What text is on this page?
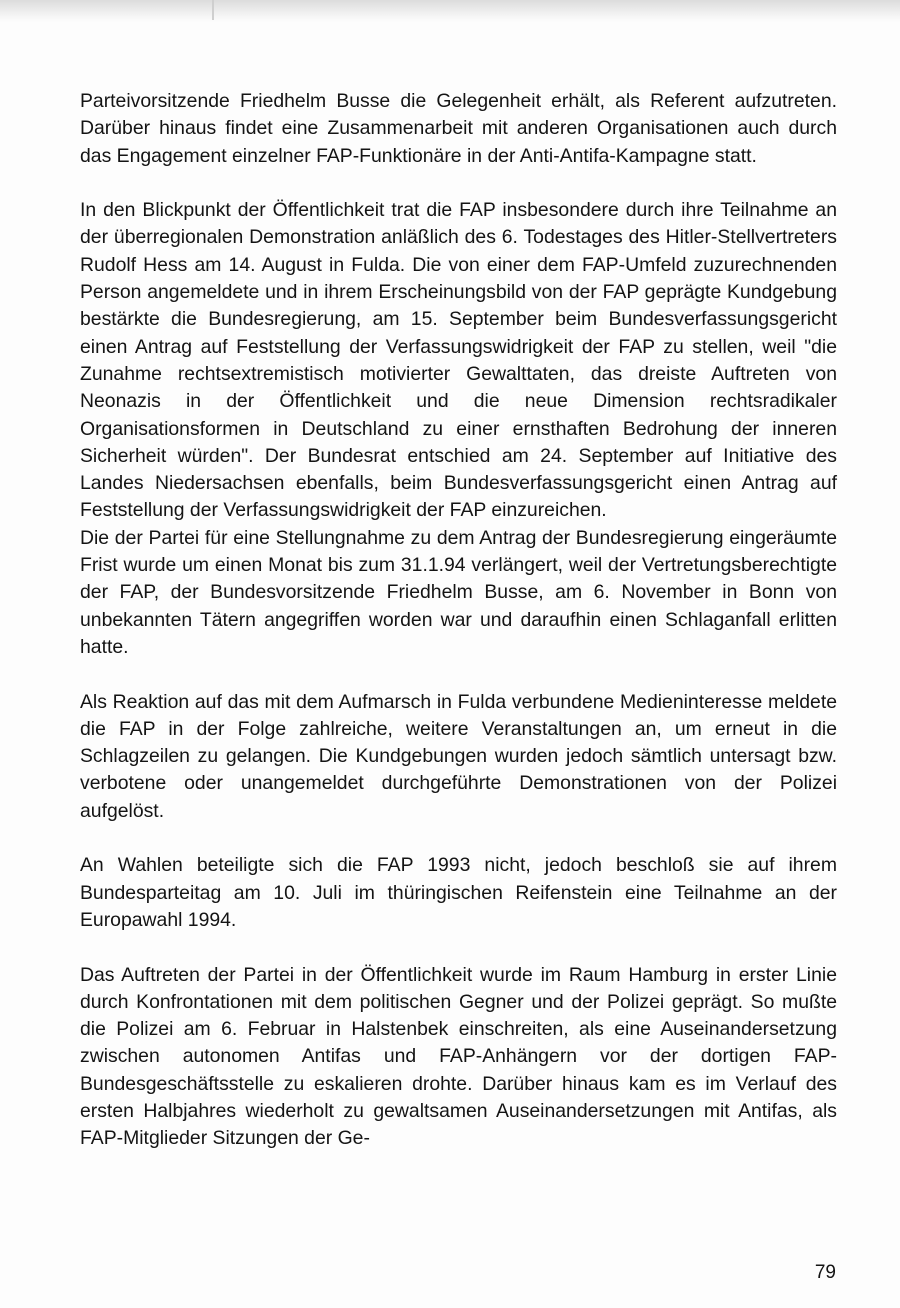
Parteivorsitzende Friedhelm Busse die Gelegenheit erhält, als Referent aufzutreten. Darüber hinaus findet eine Zusammenarbeit mit anderen Organisationen auch durch das Engagement einzelner FAP-Funktionäre in der Anti-Antifa-Kampagne statt.

In den Blickpunkt der Öffentlichkeit trat die FAP insbesondere durch ihre Teilnahme an der überregionalen Demonstration anläßlich des 6. Todestages des Hitler-Stellvertreters Rudolf Hess am 14. August in Fulda. Die von einer dem FAP-Umfeld zuzurechnenden Person angemeldete und in ihrem Erscheinungsbild von der FAP geprägte Kundgebung bestärkte die Bundesregierung, am 15. September beim Bundesverfassungsgericht einen Antrag auf Feststellung der Verfassungswidrigkeit der FAP zu stellen, weil "die Zunahme rechtsextremistisch motivierter Gewalttaten, das dreiste Auftreten von Neonazis in der Öffentlichkeit und die neue Dimension rechtsradikaler Organisationsformen in Deutschland zu einer ernsthaften Bedrohung der inneren Sicherheit würden". Der Bundesrat entschied am 24. September auf Initiative des Landes Niedersachsen ebenfalls, beim Bundesverfassungsgericht einen Antrag auf Feststellung der Verfassungswidrigkeit der FAP einzureichen.

Die der Partei für eine Stellungnahme zu dem Antrag der Bundesregierung eingeräumte Frist wurde um einen Monat bis zum 31.1.94 verlängert, weil der Vertretungsberechtigte der FAP, der Bundesvorsitzende Friedhelm Busse, am 6. November in Bonn von unbekannten Tätern angegriffen worden war und daraufhin einen Schlaganfall erlitten hatte.

Als Reaktion auf das mit dem Aufmarsch in Fulda verbundene Medieninteresse meldete die FAP in der Folge zahlreiche, weitere Veranstaltungen an, um erneut in die Schlagzeilen zu gelangen. Die Kundgebungen wurden jedoch sämtlich untersagt bzw. verbotene oder unangemeldet durchgeführte Demonstrationen von der Polizei aufgelöst.

An Wahlen beteiligte sich die FAP 1993 nicht, jedoch beschloß sie auf ihrem Bundesparteitag am 10. Juli im thüringischen Reifenstein eine Teilnahme an der Europawahl 1994.

Das Auftreten der Partei in der Öffentlichkeit wurde im Raum Hamburg in erster Linie durch Konfrontationen mit dem politischen Gegner und der Polizei geprägt. So mußte die Polizei am 6. Februar in Halstenbek einschreiten, als eine Auseinandersetzung zwischen autonomen Antifas und FAP-Anhängern vor der dortigen FAP-Bundesgeschäftsstelle zu eskalieren drohte. Darüber hinaus kam es im Verlauf des ersten Halbjahres wiederholt zu gewaltsamen Auseinandersetzungen mit Antifas, als FAP-Mitglieder Sitzungen der Ge-

79
